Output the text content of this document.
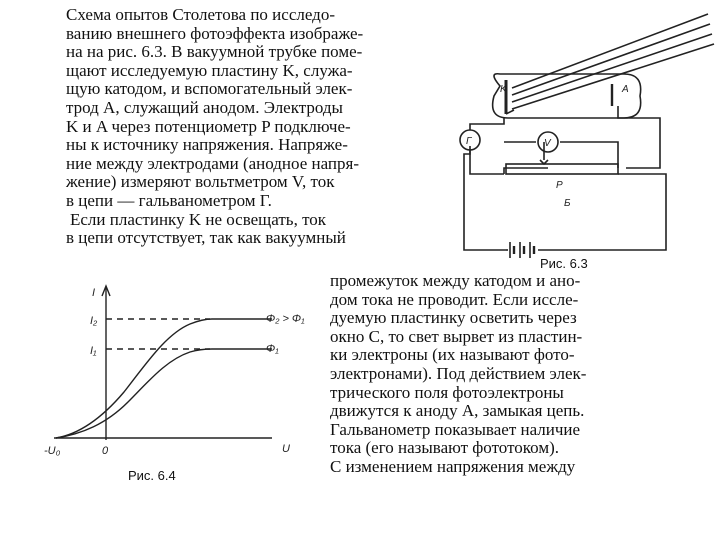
Схема опытов Столетова по исследо-

ванию внешнего фотоэффекта изображе-

на на рис. 6.3. В вакуумной трубке поме-

щают исследуемую пластину K, служа-

щую катодом, и вспомогательный элек-

трод A, служащий анодом. Электроды

K и A через потенциометр P подключе-

ны к источнику напряжения. Напряже-

ние между электродами (анодное напря-

жение) измеряют вольтметром V, ток

в цепи — гальванометром Г.

Если пластинку K не освещать, ток

в цепи отсутствует, так как вакуумный

промежуток между катодом и ано-

дом тока не проводит. Если иссле-

дуемую пластинку осветить через

окно C, то свет вырвет из пластин-

ки электроны (их называют фото-

электронами). Под действием элек-

трического поля фотоэлектроны

движутся к аноду A, замыкая цепь.

Гальванометр показывает наличие

тока (его называют фототоком).

С изменением напряжения между

K	A
Г	V
P
Б
Рис. 6.3
I
I₂
I₁
-U₀	0	U
Φ₂ > Φ₁
Φ₁
Рис. 6.4
